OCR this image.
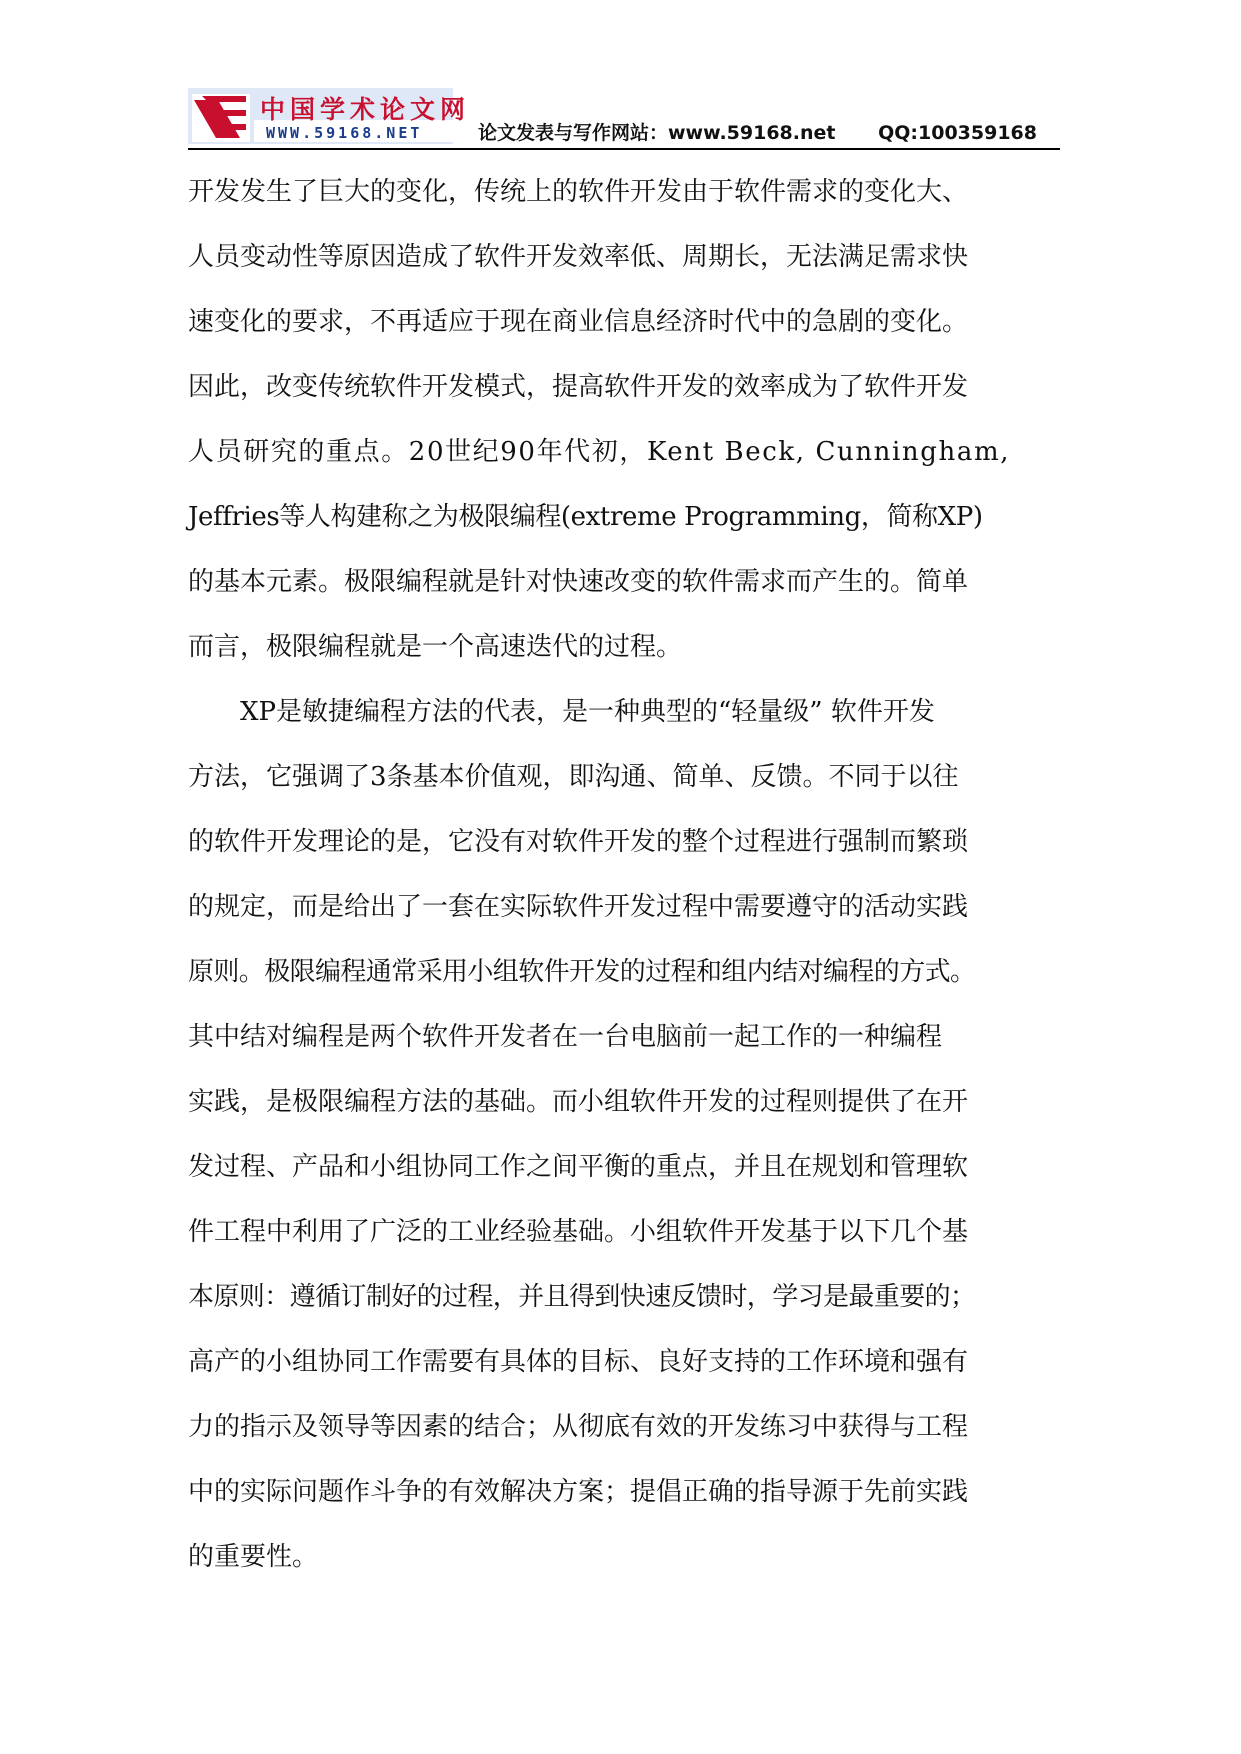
中国学术论文网
WWW.59168.NET	论文发表与写作网站：www.59168.net QQ:100359168
开发发生了巨大的变化，传统上的软件开发由于软件需求的变化大、
人员变动性等原因造成了软件开发效率低、周期长，无法满足需求快
速变化的要求，不再适应于现在商业信息经济时代中的急剧的变化。
因此，改变传统软件开发模式，提高软件开发的效率成为了软件开发
人员研究的重点。20世纪90年代初，Kent Beck, Cunningham,
Jeffries等人构建称之为极限编程(extreme Programming，简称XP)
的基本元素。极限编程就是针对快速改变的软件需求而产生的。简单
而言，极限编程就是一个高速迭代的过程。
XP是敏捷编程方法的代表，是一种典型的“轻量级” 软件开发
方法，它强调了3条基本价值观，即沟通、简单、反馈。不同于以往
的软件开发理论的是，它没有对软件开发的整个过程进行强制而繁琐
的规定，而是给出了一套在实际软件开发过程中需要遵守的活动实践
原则。极限编程通常采用小组软件开发的过程和组内结对编程的方式。
其中结对编程是两个软件开发者在一台电脑前一起工作的一种编程
实践，是极限编程方法的基础。而小组软件开发的过程则提供了在开
发过程、产品和小组协同工作之间平衡的重点，并且在规划和管理软
件工程中利用了广泛的工业经验基础。小组软件开发基于以下几个基
本原则：遵循订制好的过程，并且得到快速反馈时，学习是最重要的；
高产的小组协同工作需要有具体的目标、良好支持的工作环境和强有
力的指示及领导等因素的结合；从彻底有效的开发练习中获得与工程
中的实际问题作斗争的有效解决方案；提倡正确的指导源于先前实践
的重要性。
